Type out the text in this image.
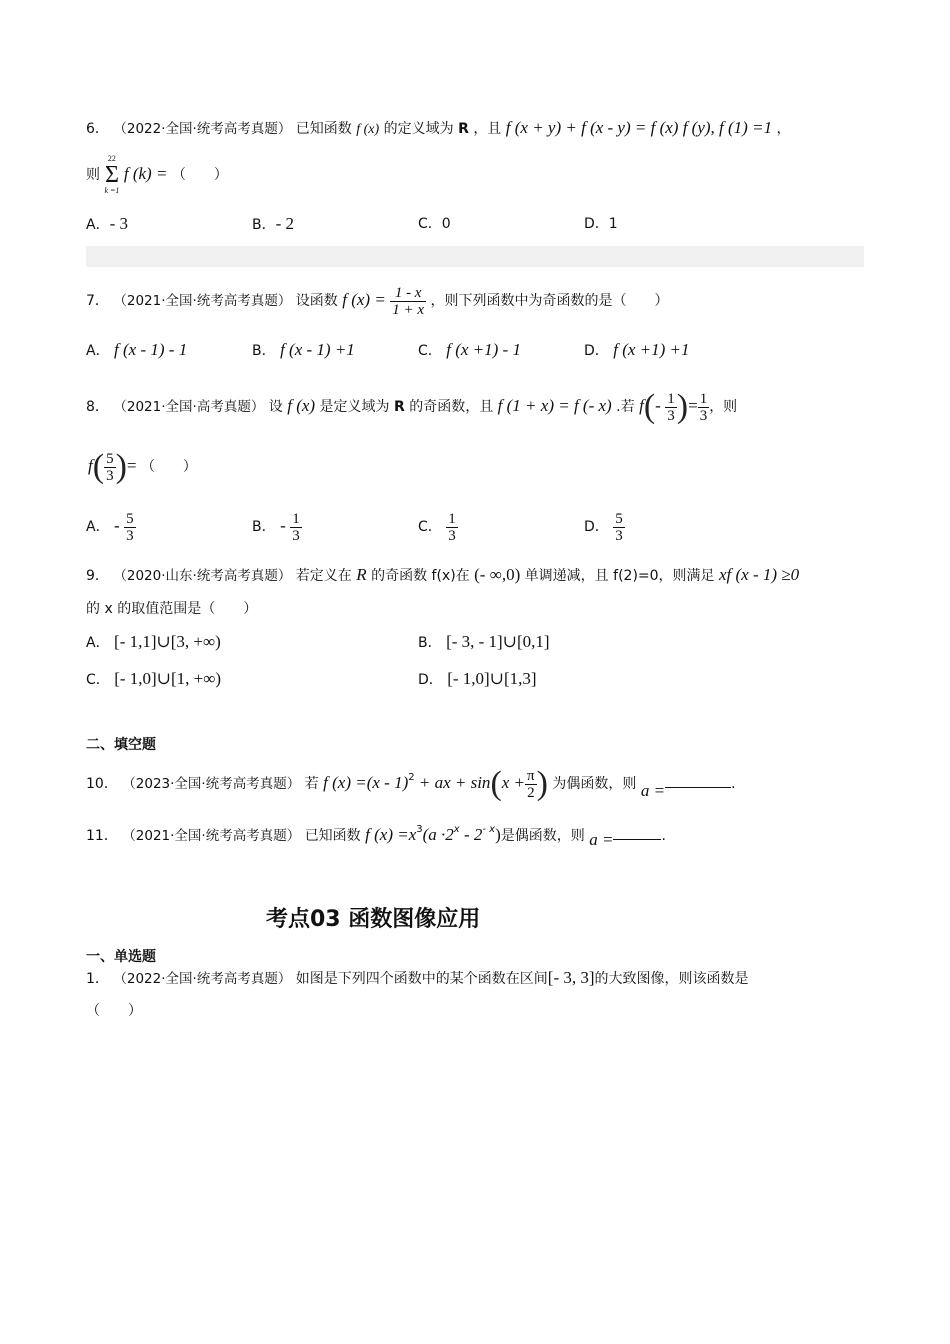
6． （2022·全国·统考高考真题） 已知函数 f (x) 的定义域为 R ，且 f (x + y) + f (x - y) = f (x) f (y), f (1) =1 ，
则
22
Σ
k =1
f (k) = （　　）
A．- 3	B．- 2	C．0	D．1
7． （2021·全国·统考高考真题） 设函数 f $(x) = \frac{1 - x}{1 + x}$ ，则下列函数中为奇函数的是（　　）
A． f (x - 1) - 1	B． f (x - 1) +1	C． f (x +1) - 1	D． f (x +1) +1
8． （2021·全国·高考真题） 设 f (x) 是定义域为 R 的奇函数，且 f (1 + x) = f (- x) .若 $f(- \frac{1}{3}$ )= $\frac{1}{3}$ ，则
$f( \frac{5}{3}$ )= （　　）
A． - $\frac{5}{3}$	B． - $\frac{1}{3}$	C． $\frac{1}{3}$	D． $\frac{5}{3}$
9． （2020·山东·统考高考真题） 若定义在 R 的奇函数 f(x)在 (- ∞,0) 单调递减，且 f(2)=0，则满足 xf (x - 1) ≥0
的 x 的取值范围是（　　）
A． [- 1,1]∪[3, +∞)	B． [- 3, - 1]∪[0,1]
C． [- 1,0]∪[1, +∞)	D． [- 1,0]∪[1,3]
二、填空题
10． （2023·全国·统考高考真题） 若 f (x) =(x - 1)$^2$ + ax + $\sin(x + \frac{\pi}{2}$ ) 为偶函数，则 a =	.
11． （2021·全国·统考高考真题） 已知函数 f $(x) =x^3(a \cdot 2^x - 2^{- x})$是偶函数，则 a =	.
考点03 函数图像应用
一、单选题
1． （2022·全国·统考高考真题） 如图是下列四个函数中的某个函数在区间[- 3, 3]的大致图像，则该函数是
（　　）
